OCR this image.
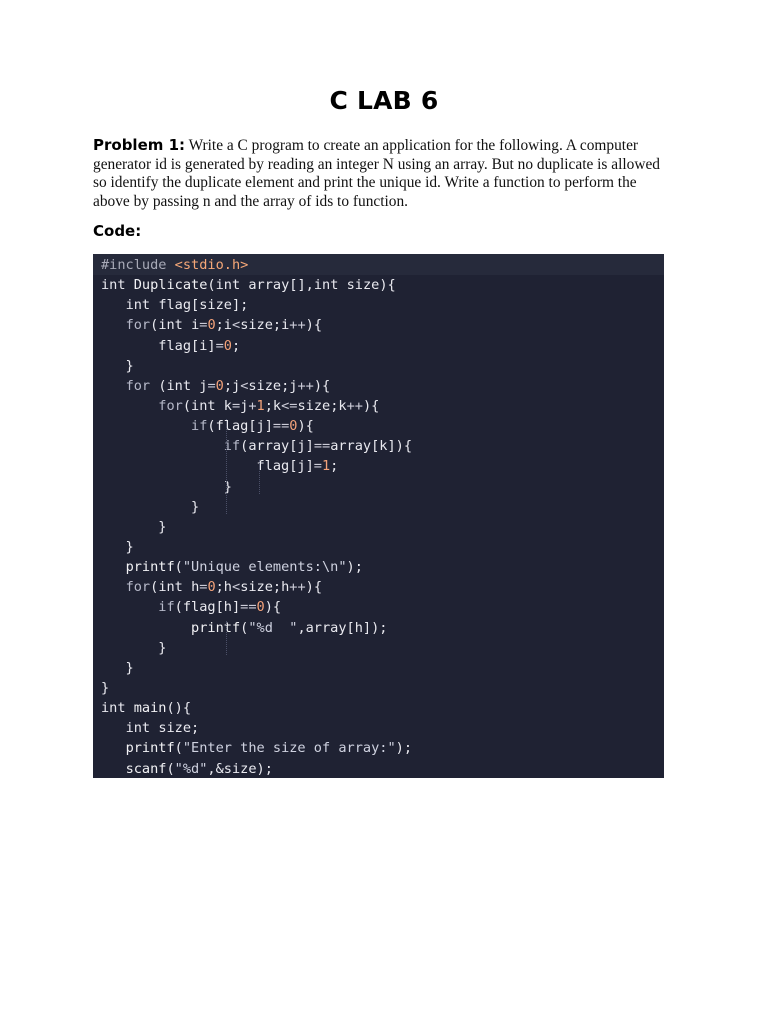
C LAB 6
Problem 1: Write a C program to create an application for the following. A computer generator id is generated by reading an integer N using an array. But no duplicate is allowed so identify the duplicate element and print the unique id. Write a function to perform the above by passing n and the array of ids to function.
Code:
#include <stdio.h>
int Duplicate(int array[],int size){
int flag[size];
for(int i=0;i<size;i++){
flag[i]=0;
}
for (int j=0;j<size;j++){
for(int k=j+1;k<=size;k++){
if(flag[j]==0){
if(array[j]==array[k]){
flag[j]=1;
}
}
}
}
printf("Unique elements:\n");
for(int h=0;h<size;h++){
if(flag[h]==0){
printf("%d  ",array[h]);
}
}
}
int main(){
int size;
printf("Enter the size of array:");
scanf("%d",&size);
